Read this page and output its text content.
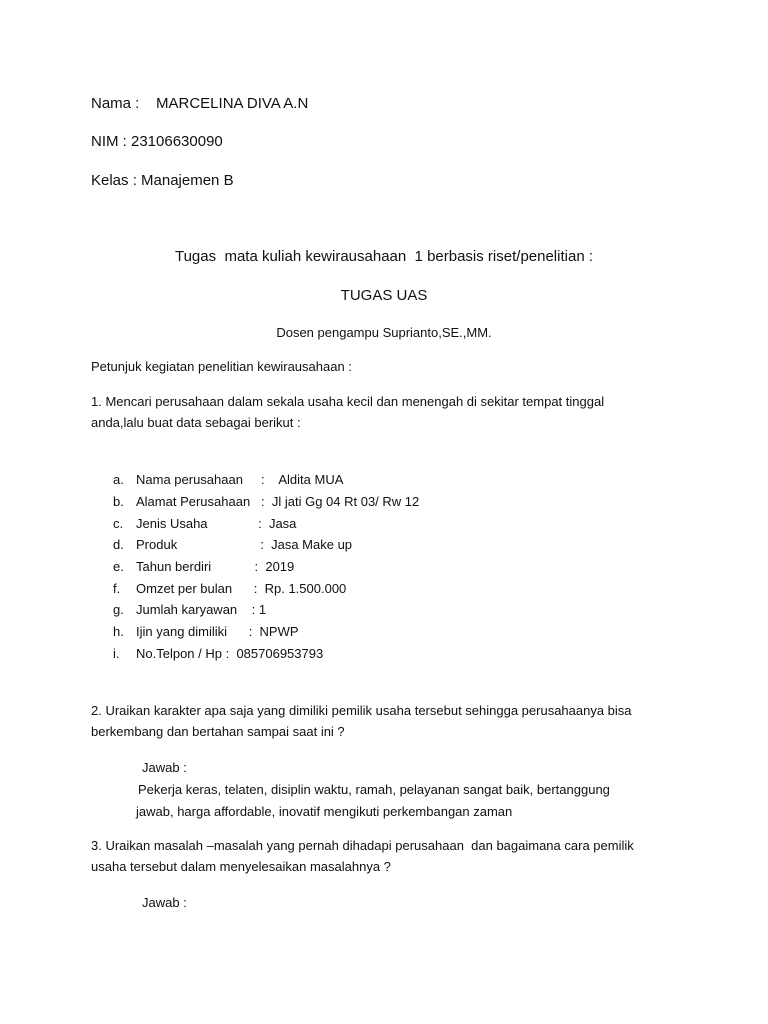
Nama :    MARCELINA DIVA A.N

NIM : 23106630090

Kelas : Manajemen B

Tugas  mata kuliah kewirausahaan  1 berbasis riset/penelitian :

TUGAS UAS

Dosen pengampu Suprianto,SE.,MM.

Petunjuk kegiatan penelitian kewirausahaan :

1. Mencari perusahaan dalam sekala usaha kecil dan menengah di sekitar tempat tinggal

anda,lalu buat data sebagai berikut :

a. Nama perusahaan     :    Aldita MUA
b. Alamat Perusahaan   :  Jl jati Gg 04 Rt 03/ Rw 12
c. Jenis Usaha              :  Jasa
d. Produk                       :  Jasa Make up
e. Tahun berdiri            :  2019
f. Omzet per bulan      :  Rp. 1.500.000
g. Jumlah karyawan    : 1
h. Ijin yang dimiliki      :  NPWP
i. No.Telpon / Hp :  085706953793

2. Uraikan karakter apa saja yang dimiliki pemilik usaha tersebut sehingga perusahaanya bisa

berkembang dan bertahan sampai saat ini ?

Jawab :

Pekerja keras, telaten, disiplin waktu, ramah, pelayanan sangat baik, bertanggung

jawab, harga affordable, inovatif mengikuti perkembangan zaman

3. Uraikan masalah –masalah yang pernah dihadapi perusahaan  dan bagaimana cara pemilik

usaha tersebut dalam menyelesaikan masalahnya ?

Jawab :
